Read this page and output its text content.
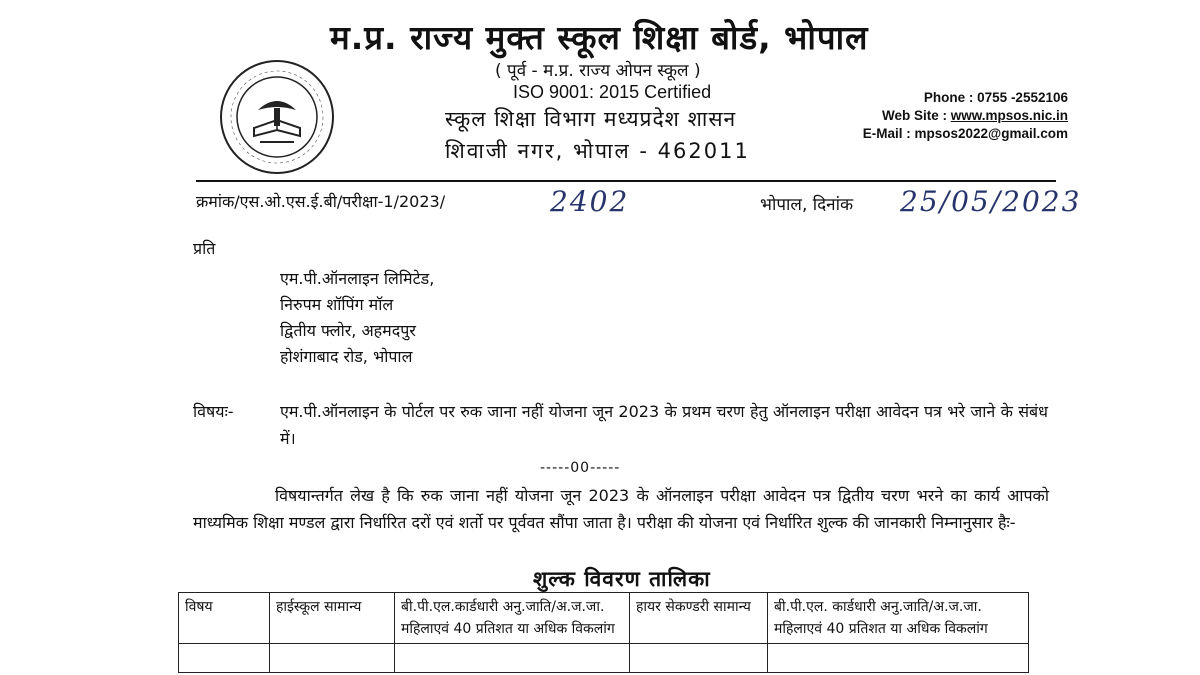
म.प्र. राज्य मुक्त स्कूल शिक्षा बोर्ड, भोपाल
( पूर्व - म.प्र. राज्य ओपन स्कूल )
ISO 9001: 2015 Certified
स्कूल शिक्षा विभाग मध्यप्रदेश शासन
शिवाजी नगर, भोपाल - 462011
Phone : 0755 -2552106
Web Site : www.mpsos.nic.in
E-Mail : mpsos2022@gmail.com
क्रमांक/एस.ओ.एस.ई.बी/परीक्षा-1/2023/	2402	भोपाल, दिनांक 25/05/2023
प्रति
एम.पी.ऑनलाइन लिमिटेड,
निरुपम शॉपिंग मॉल
द्वितीय फ्लोर, अहमदपुर
होशंगाबाद रोड, भोपाल
विषयः-	एम.पी.ऑनलाइन के पोर्टल पर रुक जाना नहीं योजना जून 2023 के प्रथम चरण हेतु ऑनलाइन परीक्षा आवेदन पत्र भरे जाने के संबंध में।
-----00-----
विषयान्तर्गत लेख है कि रुक जाना नहीं योजना जून 2023 के ऑनलाइन परीक्षा आवेदन पत्र द्वितीय चरण भरने का कार्य आपको माध्यमिक शिक्षा मण्डल द्वारा निर्धारित दरों एवं शर्तो पर पूर्ववत सौंपा जाता है। परीक्षा की योजना एवं निर्धारित शुल्क की जानकारी निम्नानुसार हैः-
शुल्क विवरण तालिका
विषय	हाईस्कूल सामान्य	बी.पी.एल.कार्डधारी अनु.जाति/अ.ज.जा. महिलाएवं 40 प्रतिशत या अधिक विकलांग	हायर सेकण्डरी सामान्य	बी.पी.एल. कार्डधारी अनु.जाति/अ.ज.जा. महिलाएवं 40 प्रतिशत या अधिक विकलांग
